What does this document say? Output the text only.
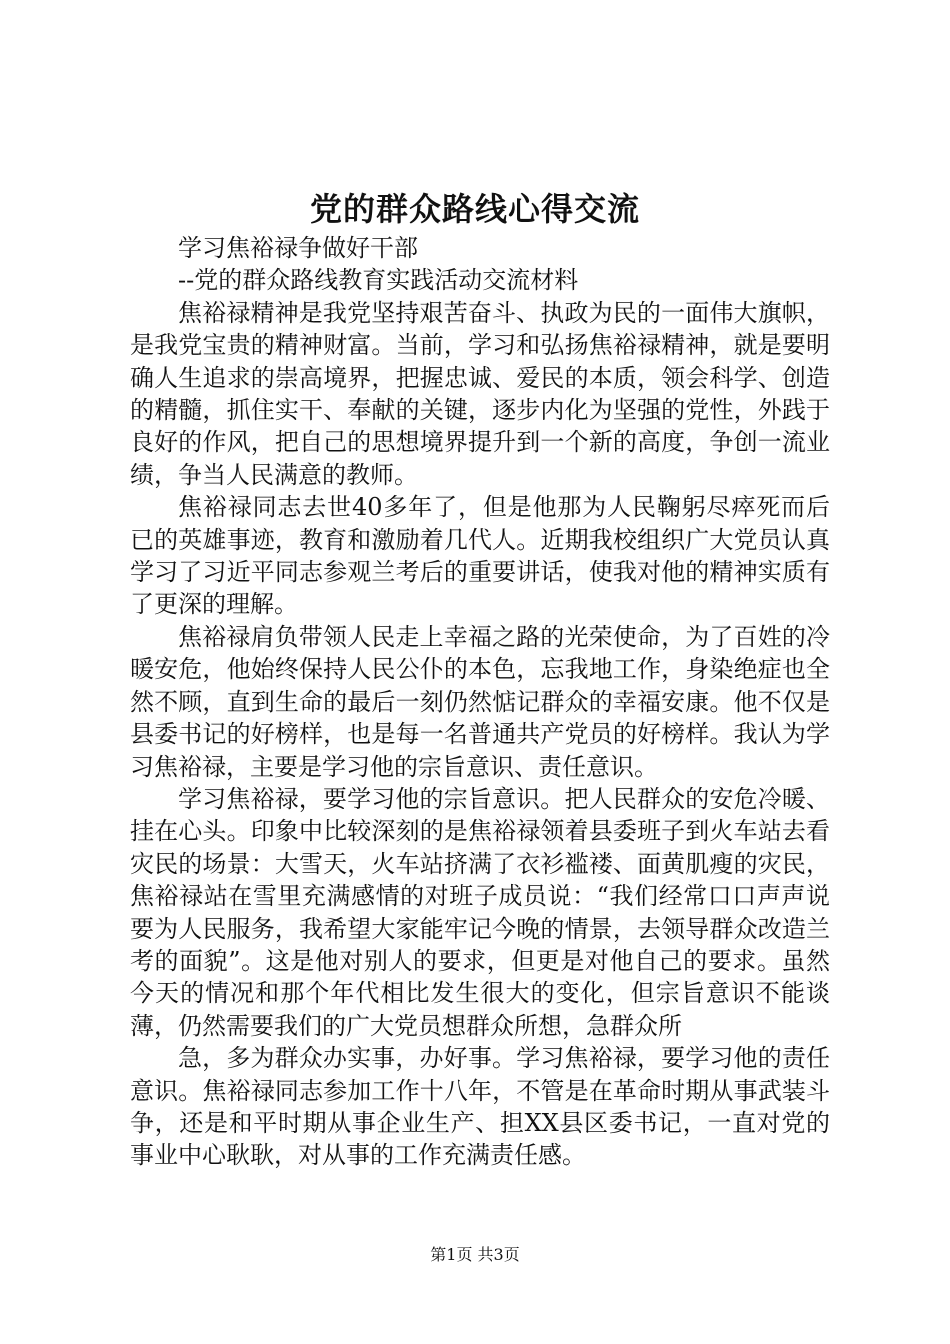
党的群众路线心得交流

学习焦裕禄争做好干部

--党的群众路线教育实践活动交流材料

焦裕禄精神是我党坚持艰苦奋斗、执政为民的一面伟大旗帜，是我党宝贵的精神财富。当前，学习和弘扬焦裕禄精神，就是要明确人生追求的崇高境界，把握忠诚、爱民的本质，领会科学、创造的精髓，抓住实干、奉献的关键，逐步内化为坚强的党性，外践于良好的作风，把自己的思想境界提升到一个新的高度，争创一流业绩，争当人民满意的教师。

焦裕禄同志去世40多年了，但是他那为人民鞠躬尽瘁死而后已的英雄事迹，教育和激励着几代人。近期我校组织广大党员认真学习了习近平同志参观兰考后的重要讲话，使我对他的精神实质有了更深的理解。

焦裕禄肩负带领人民走上幸福之路的光荣使命，为了百姓的冷暖安危，他始终保持人民公仆的本色，忘我地工作，身染绝症也全然不顾，直到生命的最后一刻仍然惦记群众的幸福安康。他不仅是县委书记的好榜样，也是每一名普通共产党员的好榜样。我认为学习焦裕禄，主要是学习他的宗旨意识、责任意识。

学习焦裕禄，要学习他的宗旨意识。把人民群众的安危冷暖、挂在心头。印象中比较深刻的是焦裕禄领着县委班子到火车站去看灾民的场景：大雪天，火车站挤满了衣衫褴褛、面黄肌瘦的灾民，焦裕禄站在雪里充满感情的对班子成员说：“我们经常口口声声说要为人民服务，我希望大家能牢记今晚的情景，去领导群众改造兰考的面貌”。这是他对别人的要求，但更是对他自己的要求。虽然今天的情况和那个年代相比发生很大的变化，但宗旨意识不能谈薄，仍然需要我们的广大党员想群众所想，急群众所

急，多为群众办实事，办好事。学习焦裕禄，要学习他的责任意识。焦裕禄同志参加工作十八年，不管是在革命时期从事武装斗争，还是和平时期从事企业生产、担XX县区委书记，一直对党的事业中心耿耿，对从事的工作充满责任感。

第1页 共3页
